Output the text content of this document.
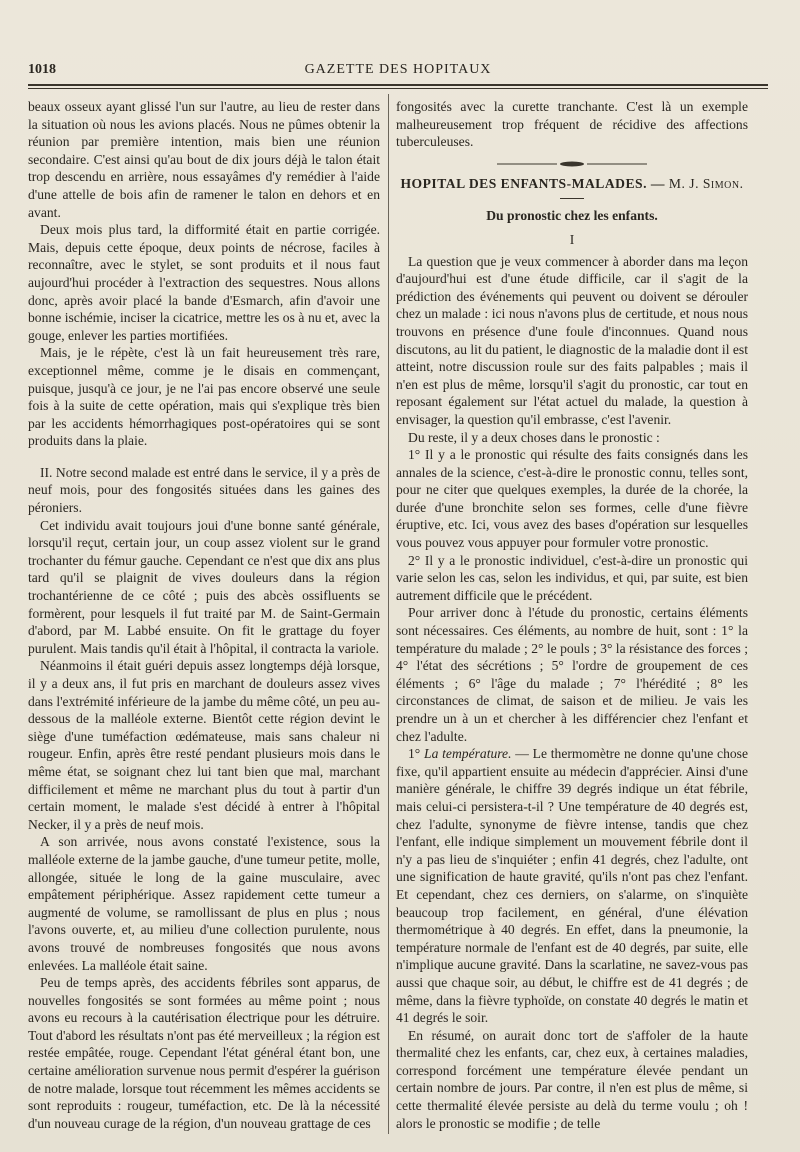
1018	GAZETTE DES HOPITAUX

beaux osseux ayant glissé l'un sur l'autre, au lieu de rester dans la situation où nous les avions placés. Nous ne pûmes obtenir la réunion par première intention, mais bien une réunion secondaire. C'est ainsi qu'au bout de dix jours déjà le talon était trop descendu en arrière, nous essayâmes d'y remédier à l'aide d'une attelle de bois afin de ramener le talon en dehors et en avant.

Deux mois plus tard, la difformité était en partie corrigée. Mais, depuis cette époque, deux points de nécrose, faciles à reconnaître, avec le stylet, se sont produits et il nous faut aujourd'hui procéder à l'extraction des sequestres. Nous allons donc, après avoir placé la bande d'Esmarch, afin d'avoir une bonne ischémie, inciser la cicatrice, mettre les os à nu et, avec la gouge, enlever les parties mortifiées.

Mais, je le répète, c'est là un fait heureusement très rare, exceptionnel même, comme je le disais en commençant, puisque, jusqu'à ce jour, je ne l'ai pas encore observé une seule fois à la suite de cette opération, mais qui s'explique très bien par les accidents hémorrhagiques post-opératoires qui se sont produits dans la plaie.

II. Notre second malade est entré dans le service, il y a près de neuf mois, pour des fongosités situées dans les gaines des péroniers.

Cet individu avait toujours joui d'une bonne santé générale, lorsqu'il reçut, certain jour, un coup assez violent sur le grand trochanter du fémur gauche. Cependant ce n'est que dix ans plus tard qu'il se plaignit de vives douleurs dans la région trochantérienne de ce côté ; puis des abcès ossifluents se formèrent, pour lesquels il fut traité par M. de Saint-Germain d'abord, par M. Labbé ensuite. On fit le grattage du foyer purulent. Mais tandis qu'il était à l'hôpital, il contracta la variole.

Néanmoins il était guéri depuis assez longtemps déjà lorsque, il y a deux ans, il fut pris en marchant de douleurs assez vives dans l'extrémité inférieure de la jambe du même côté, un peu au-dessous de la malléole externe. Bientôt cette région devint le siège d'une tuméfaction œdémateuse, mais sans chaleur ni rougeur. Enfin, après être resté pendant plusieurs mois dans le même état, se soignant chez lui tant bien que mal, marchant difficilement et même ne marchant plus du tout à partir d'un certain moment, le malade s'est décidé à entrer à l'hôpital Necker, il y a près de neuf mois.

A son arrivée, nous avons constaté l'existence, sous la malléole externe de la jambe gauche, d'une tumeur petite, molle, allongée, située le long de la gaine musculaire, avec empâtement périphérique. Assez rapidement cette tumeur a augmenté de volume, se ramollissant de plus en plus ; nous l'avons ouverte, et, au milieu d'une collection purulente, nous avons trouvé de nombreuses fongosités que nous avons enlevées. La malléole était saine.

Peu de temps après, des accidents fébriles sont apparus, de nouvelles fongosités se sont formées au même point ; nous avons eu recours à la cautérisation électrique pour les détruire. Tout d'abord les résultats n'ont pas été merveilleux ; la région est restée empâtée, rouge. Cependant l'état général étant bon, une certaine amélioration survenue nous permit d'espérer la guérison de notre malade, lorsque tout récemment les mêmes accidents se sont reproduits : rougeur, tuméfaction, etc. De là la nécessité d'un nouveau curage de la région, d'un nouveau grattage de ces

fongosités avec la curette tranchante. C'est là un exemple malheureusement trop fréquent de récidive des affections tuberculeuses.

HOPITAL DES ENFANTS-MALADES. — M. J. Simon.
Du pronostic chez les enfants.
I

La question que je veux commencer à aborder dans ma leçon d'aujourd'hui est d'une étude difficile, car il s'agit de la prédiction des événements qui peuvent ou doivent se dérouler chez un malade : ici nous n'avons plus de certitude, et nous nous trouvons en présence d'une foule d'inconnues. Quand nous discutons, au lit du patient, le diagnostic de la maladie dont il est atteint, notre discussion roule sur des faits palpables ; mais il n'en est plus de même, lorsqu'il s'agit du pronostic, car tout en reposant également sur l'état actuel du malade, la question à envisager, la question qu'il embrasse, c'est l'avenir.

Du reste, il y a deux choses dans le pronostic :

1° Il y a le pronostic qui résulte des faits consignés dans les annales de la science, c'est-à-dire le pronostic connu, telles sont, pour ne citer que quelques exemples, la durée de la chorée, la durée d'une bronchite selon ses formes, celle d'une fièvre éruptive, etc. Ici, vous avez des bases d'opération sur lesquelles vous pouvez vous appuyer pour formuler votre pronostic.

2° Il y a le pronostic individuel, c'est-à-dire un pronostic qui varie selon les cas, selon les individus, et qui, par suite, est bien autrement difficile que le précédent.

Pour arriver donc à l'étude du pronostic, certains éléments sont nécessaires. Ces éléments, au nombre de huit, sont : 1° la température du malade ; 2° le pouls ; 3° la résistance des forces ; 4° l'état des sécrétions ; 5° l'ordre de groupement de ces éléments ; 6° l'âge du malade ; 7° l'hérédité ; 8° les circonstances de climat, de saison et de milieu. Je vais les prendre un à un et chercher à les différencier chez l'enfant et chez l'adulte.

1° La température. — Le thermomètre ne donne qu'une chose fixe, qu'il appartient ensuite au médecin d'apprécier. Ainsi d'une manière générale, le chiffre 39 degrés indique un état fébrile, mais celui-ci persistera-t-il ? Une température de 40 degrés est, chez l'adulte, synonyme de fièvre intense, tandis que chez l'enfant, elle indique simplement un mouvement fébrile dont il n'y a pas lieu de s'inquiéter ; enfin 41 degrés, chez l'adulte, ont une signification de haute gravité, qu'ils n'ont pas chez l'enfant. Et cependant, chez ces derniers, on s'alarme, on s'inquiète beaucoup trop facilement, en général, d'une élévation thermométrique à 40 degrés. En effet, dans la pneumonie, la température normale de l'enfant est de 40 degrés, par suite, elle n'implique aucune gravité. Dans la scarlatine, ne savez-vous pas aussi que chaque soir, au début, le chiffre est de 41 degrés ; de même, dans la fièvre typhoïde, on constate 40 degrés le matin et 41 degrés le soir.

En résumé, on aurait donc tort de s'affoler de la haute thermalité chez les enfants, car, chez eux, à certaines maladies, correspond forcément une température élevée pendant un certain nombre de jours. Par contre, il n'en est plus de même, si cette thermalité élevée persiste au delà du terme voulu ; oh ! alors le pronostic se modifie ; de telle
